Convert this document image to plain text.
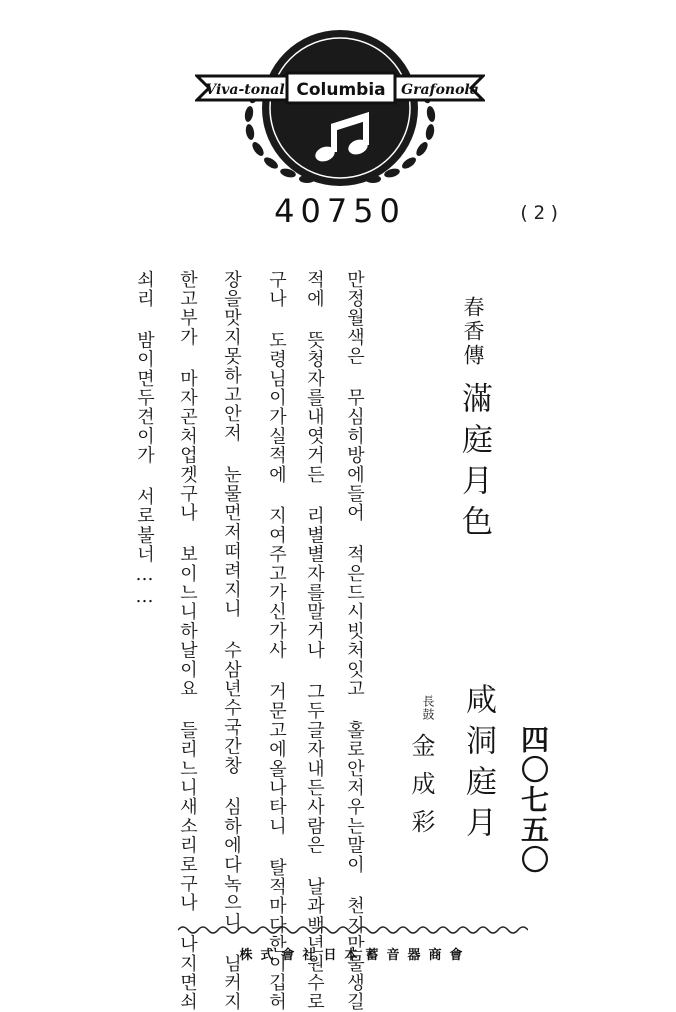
Viva-tonal Columbia Grafonola
40750	(2)
春香傳
滿庭月色
咸洞庭月
長鼓
金成彩	四〇七五〇
만정월색은 무심히방에들어 적은드시빗처잇고 홀로안저우는말이 천지만물생길
적에 뜻청자를내엿거든 리별별자를말거나 그두글자내든사람은 날과백년원수로
구나 도령님이가실적에 지여주고가신가사 거문고에올나타니 탈적마다한이깁허
장을맛지못하고안저 눈물먼저떠려지니 수삼년수국간창 심하에다녹으니 님커지
한고부가 마자곤처업겟구나 보이느니하날이요 들리느니새소리로구나 나지면쇠
쇠리 밤이면두견이가 서로불너……
株式會社日本蓄音器商會
